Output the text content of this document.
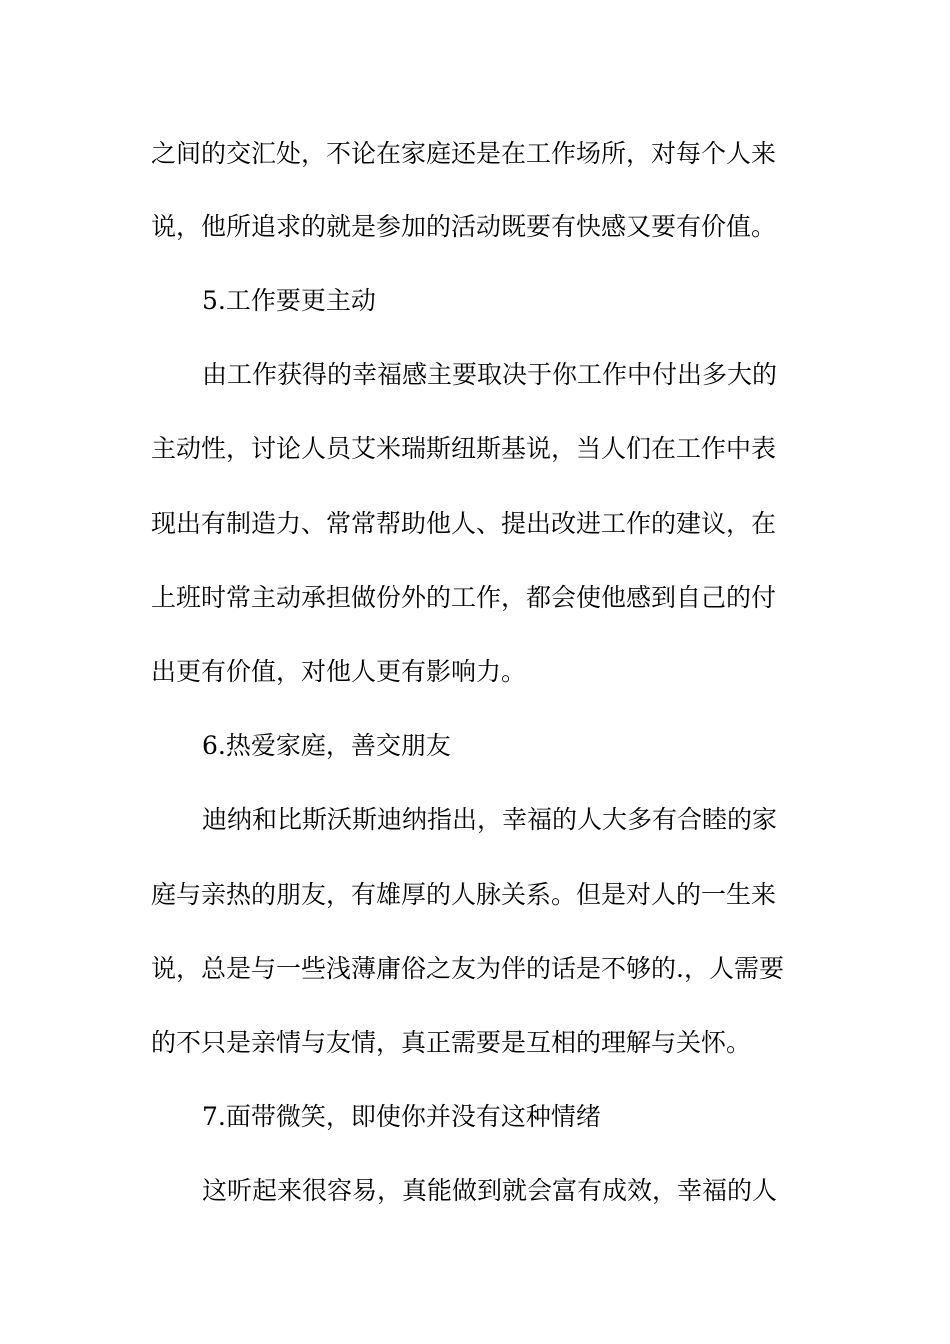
之间的交汇处，不论在家庭还是在工作场所，对每个人来
说，他所追求的就是参加的活动既要有快感又要有价值。
5.工作要更主动
由工作获得的幸福感主要取决于你工作中付出多大的
主动性，讨论人员艾米瑞斯纽斯基说，当人们在工作中表
现出有制造力、常常帮助他人、提出改进工作的建议，在
上班时常主动承担做份外的工作，都会使他感到自己的付
出更有价值，对他人更有影响力。
6.热爱家庭，善交朋友
迪纳和比斯沃斯迪纳指出，幸福的人大多有合睦的家
庭与亲热的朋友，有雄厚的人脉关系。但是对人的一生来
说，总是与一些浅薄庸俗之友为伴的话是不够的.，人需要
的不只是亲情与友情，真正需要是互相的理解与关怀。
7.面带微笑，即使你并没有这种情绪
这听起来很容易，真能做到就会富有成效，幸福的人
